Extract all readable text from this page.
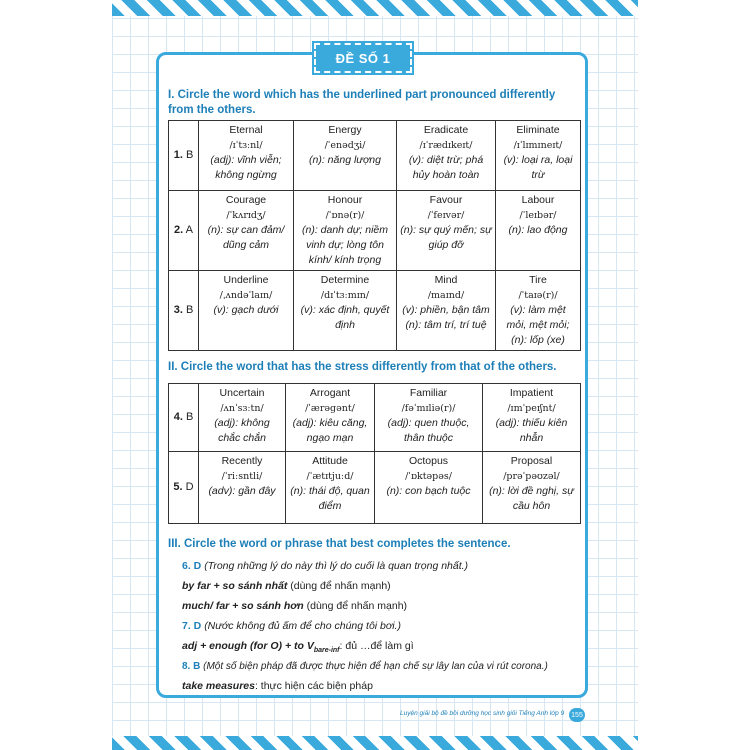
ĐỀ SỐ 1
I. Circle the word which has the underlined part pronounced differently from the others.
1. B	Eternal
/ɪˈtɜːnl/
(adj): vĩnh viễn; không ngừng	Energy
/ˈenədʒi/
(n): năng lượng	Eradicate
/ɪˈrædɪkeɪt/
(v): diệt trừ; phá hủy hoàn toàn	Eliminate
/ɪˈlɪmɪneɪt/
(v): loại ra, loại trừ

2. A	Courage
/ˈkʌrɪdʒ/
(n): sự can đảm/ dũng cảm	Honour
/ˈɒnə(r)/
(n): danh dự; niềm vinh dự; lòng tôn kính/ kính trọng	Favour
/ˈfeɪvər/
(n): sự quý mến; sự giúp đỡ	Labour
/ˈleɪbər/
(n): lao động

3. B	Underline
/ˌʌndəˈlaɪn/
(v): gạch dưới	Determine
/dɪˈtɜːmɪn/
(v): xác định, quyết định	Mind
/maɪnd/
(v): phiền, bận tâm (n): tâm trí, trí tuệ	Tire
/ˈtaɪə(r)/
(v): làm mệt mỏi, mệt mỏi; (n): lốp (xe)
II. Circle the word that has the stress differently from that of the others.
4. B	Uncertain
/ʌnˈsɜːtn/
(adj): không chắc chắn	Arrogant
/ˈærəgənt/
(adj): kiêu căng, ngạo mạn	Familiar
/fəˈmɪliə(r)/
(adj): quen thuộc, thân thuộc	Impatient
/ɪmˈpeɪʃnt/
(adj): thiếu kiên nhẫn

5. D	Recently
/ˈriːsntli/
(adv): gần đây	Attitude
/ˈætɪtjuːd/
(n): thái độ, quan điểm	Octopus
/ˈɒktəpəs/
(n): con bạch tuộc	Proposal
/prəˈpəʊzəl/
(n): lời đề nghị, sự cầu hôn
III. Circle the word or phrase that best completes the sentence.
6. D (Trong những lý do này thì lý do cuối là quan trọng nhất.)
by far + so sánh nhất (dùng để nhấn mạnh)
much/ far + so sánh hơn (dùng để nhấn mạnh)
7. D (Nước không đủ ấm để cho chúng tôi bơi.)
adj + enough (for O) + to $V_{bare-inf}$: đủ …để làm gì
8. B (Một số biện pháp đã được thực hiện để hạn chế sự lây lan của vi rút corona.)
take measures: thực hiện các biện pháp
Luyện giải bộ đề bồi dưỡng học sinh giỏi Tiếng Anh lớp 9 155
